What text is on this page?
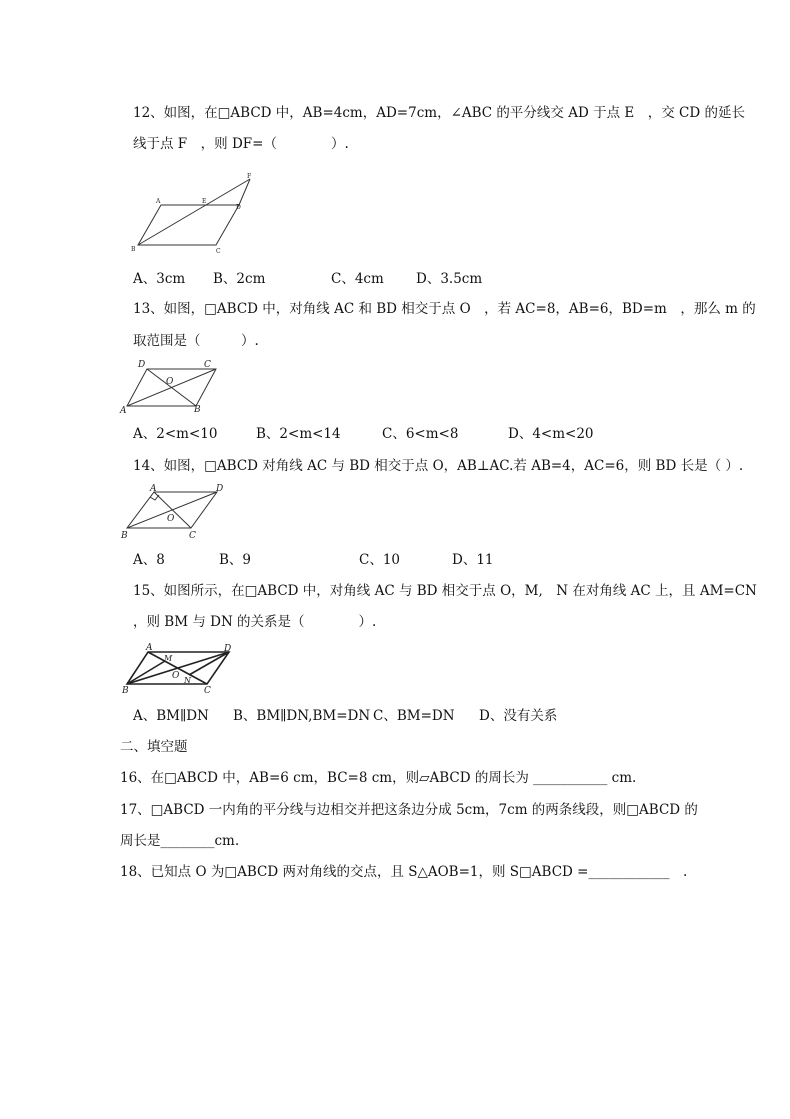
12、如图，在□ABCD 中，AB=4cm，AD=7cm，∠ABC 的平分线交 AD 于点 E　，交 CD 的延长
线于点 F　，则 DF=（　　　　）.
A
B	C
D
E
F
A、3cm B、2cm	C、4cm D、3.5cm
13、如图，□ABCD 中，对角线 AC 和 BD 相交于点 O　，若 AC=8，AB=6，BD=m　，那么 m 的
取范围是（　　　）.
A	B
C
D
O
A、2<m<10	B、2<m<14	C、6<m<8	D、4<m<20
14、如图，□ABCD 对角线 AC 与 BD 相交于点 O，AB⊥AC.若 AB=4，AC=6，则 BD 长是（ ）.
A
B	C
D
O
A、8	B、9	C、10	D、11
15、如图所示，在□ABCD 中，对角线 AC 与 BD 相交于点 O，M,　N 在对角线 AC 上，且 AM=CN
，则 BM 与 DN 的关系是（　　　　）.
A
B	C
D
O
M
N
A、BM∥DN B、BM∥DN,BM=DN C、BM=DN D、没有关系
二、填空题
16、在□ABCD 中，AB=6 cm，BC=8 cm，则▱ABCD 的周长为 ___________ cm.
17、□ABCD 一内角的平分线与边相交并把这条边分成 5cm，7cm 的两条线段，则□ABCD 的
周长是________cm.
18、已知点 O 为□ABCD 两对角线的交点，且 S△AOB=1，则 S□ABCD =____________　.
